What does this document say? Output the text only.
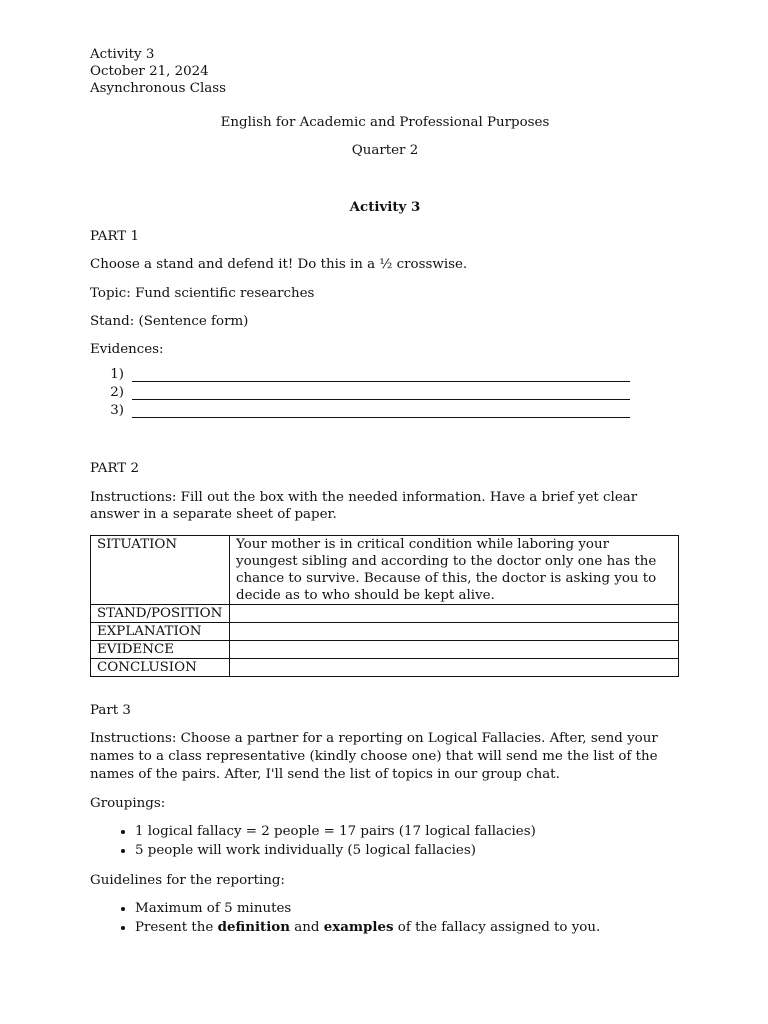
Activity 3

October 21, 2024

Asynchronous Class

English for Academic and Professional Purposes

Quarter 2

Activity 3

PART 1

Choose a stand and defend it! Do this in a ½ crosswise.

Topic: Fund scientific researches

Stand: (Sentence form)

Evidences:

1)
2)
3)

PART 2

Instructions: Fill out the box with the needed information. Have a brief yet clear answer in a separate sheet of paper.

SITUATION	Your mother is in critical condition while laboring your youngest sibling and according to the doctor only one has the chance to survive. Because of this, the doctor is asking you to decide as to who should be kept alive.
STAND/POSITION	
EXPLANATION	
EVIDENCE	
CONCLUSION	

Part 3

Instructions: Choose a partner for a reporting on Logical Fallacies. After, send your names to a class representative (kindly choose one) that will send me the list of the names of the pairs. After, I'll send the list of topics in our group chat.

Groupings:

• 1 logical fallacy = 2 people = 17 pairs (17 logical fallacies)
• 5 people will work individually (5 logical fallacies)

Guidelines for the reporting:

• Maximum of 5 minutes
• Present the definition and examples of the fallacy assigned to you.
